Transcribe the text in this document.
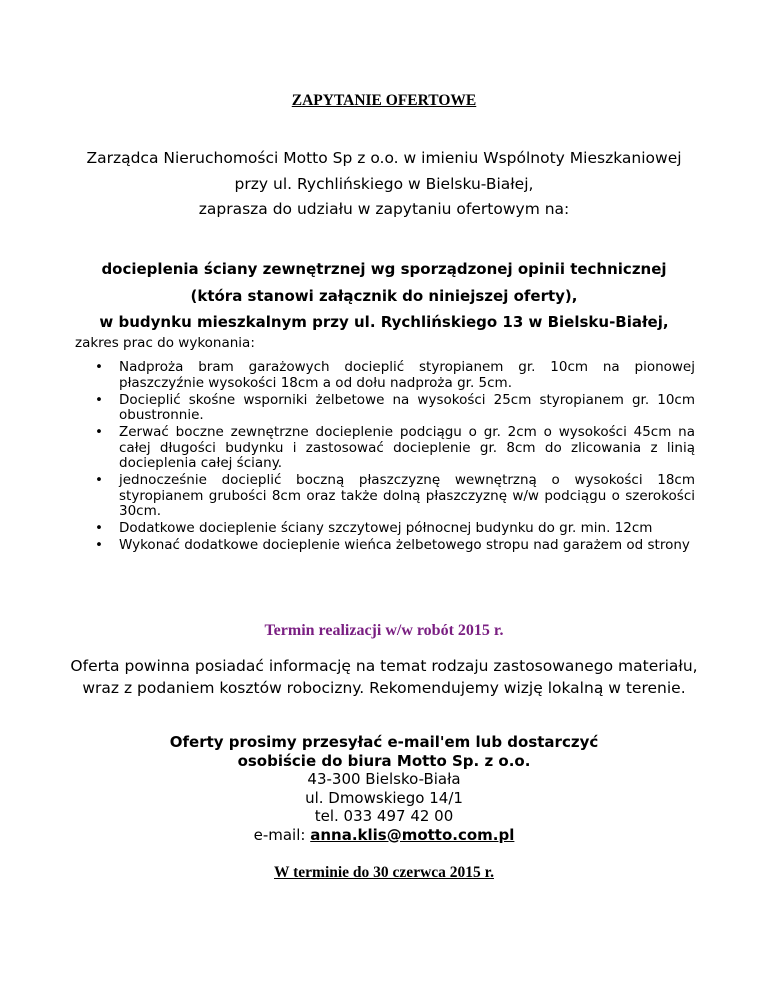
ZAPYTANIE OFERTOWE
Zarządca Nieruchomości Motto Sp z o.o. w imieniu Wspólnoty Mieszkaniowej
przy ul. Rychlińskiego w Bielsku-Białej,
zaprasza do udziału w zapytaniu ofertowym na:
docieplenia ściany zewnętrznej wg sporządzonej opinii technicznej
(która stanowi załącznik do niniejszej oferty),
w budynku mieszkalnym przy ul. Rychlińskiego 13 w Bielsku-Białej,
zakres prac do wykonania:
• Nadproża bram garażowych docieplić styropianem gr. 10cm na pionowej płaszczyźnie wysokości 18cm a od dołu nadproża gr. 5cm.
• Docieplić skośne wsporniki żelbetowe na wysokości 25cm styropianem gr. 10cm obustronnie.
• Zerwać boczne zewnętrzne docieplenie podciągu o gr. 2cm o wysokości 45cm na całej długości budynku i zastosować docieplenie gr. 8cm do zlicowania z linią docieplenia całej ściany.
• jednocześnie docieplić boczną płaszczyznę wewnętrzną o wysokości 18cm styropianem grubości 8cm oraz także dolną płaszczyznę w/w podciągu o szerokości 30cm.
• Dodatkowe docieplenie ściany szczytowej północnej budynku do gr. min. 12cm
• Wykonać dodatkowe docieplenie wieńca żelbetowego stropu nad garażem od strony
Termin realizacji w/w robót 2015 r.
Oferta powinna posiadać informację na temat rodzaju zastosowanego materiału,
wraz z podaniem kosztów robocizny. Rekomendujemy wizję lokalną w terenie.
Oferty prosimy przesyłać e-mail'em lub dostarczyć
osobiście do biura Motto Sp. z o.o.
43-300 Bielsko-Biała
ul. Dmowskiego 14/1
tel. 033 497 42 00
e-mail: anna.klis@motto.com.pl
W terminie do 30 czerwca 2015 r.
